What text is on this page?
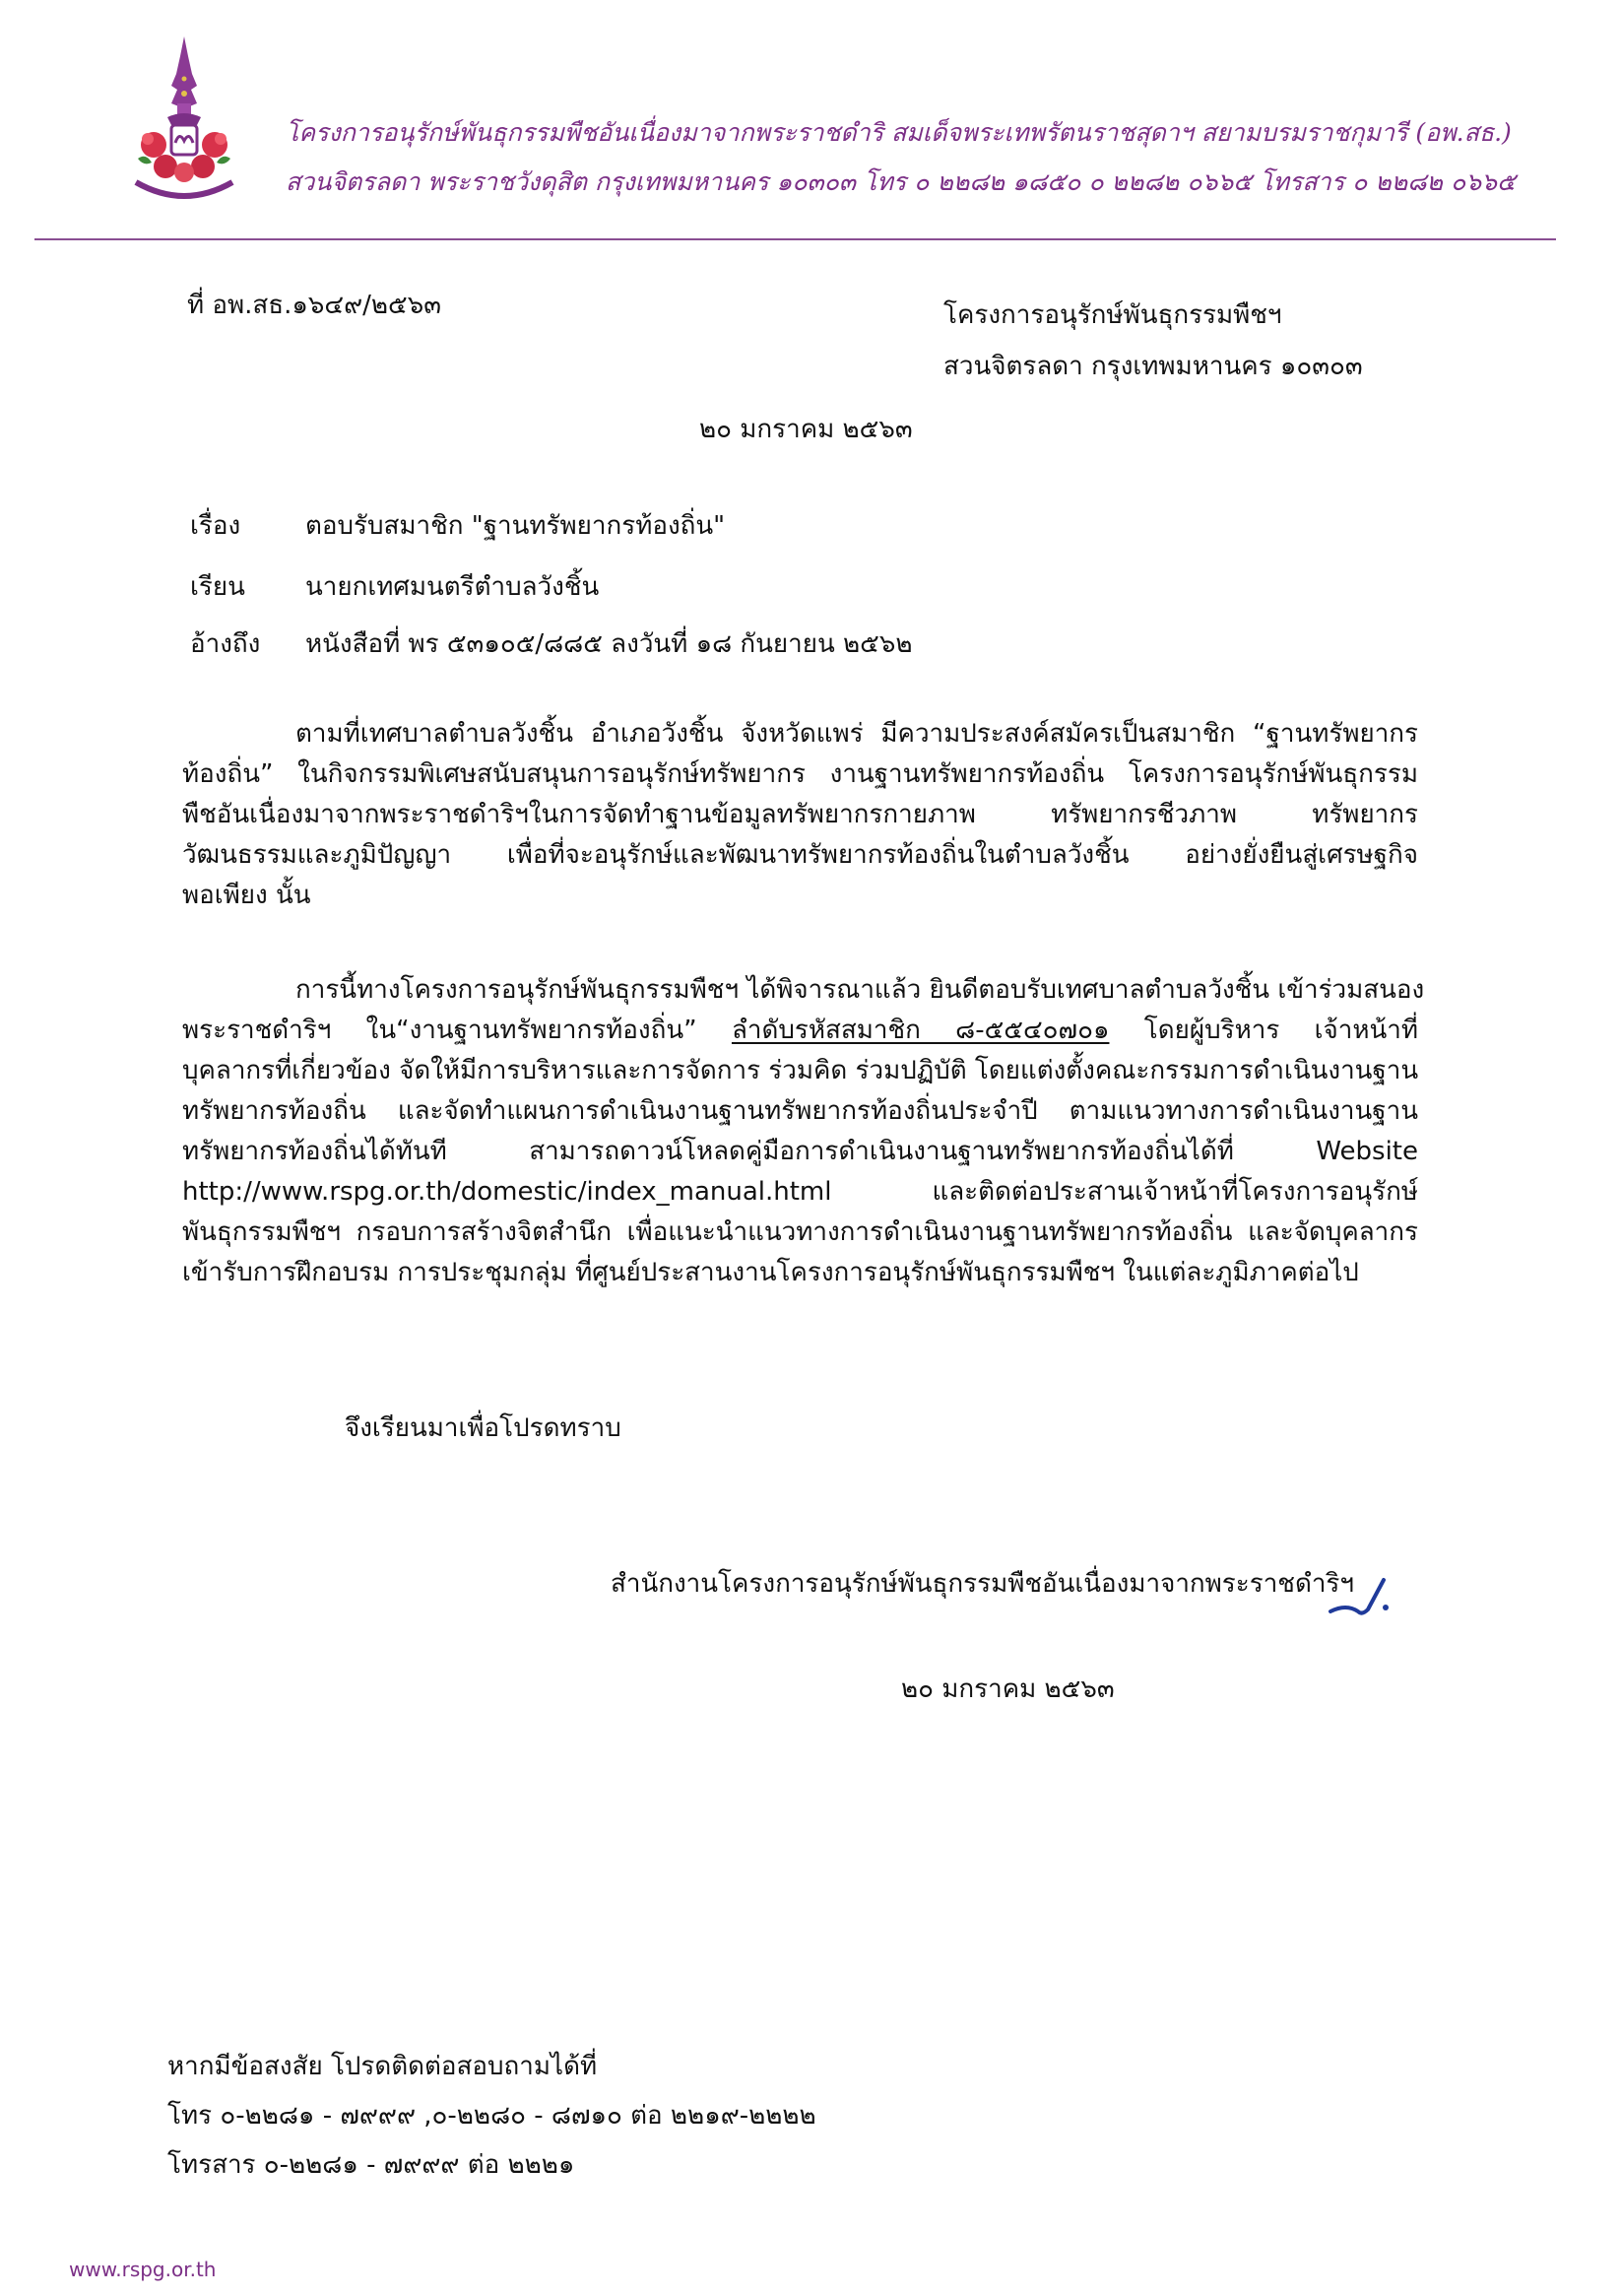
โครงการอนุรักษ์พันธุกรรมพืชอันเนื่องมาจากพระราชดำริ สมเด็จพระเทพรัตนราชสุดาฯ สยามบรมราชกุมารี (อพ.สธ.)
สวนจิตรลดา พระราชวังดุสิต กรุงเทพมหานคร ๑๐๓๐๓ โทร ๐ ๒๒๘๒ ๑๘๕๐ ๐ ๒๒๘๒ ๐๖๖๕ โทรสาร ๐ ๒๒๘๒ ๐๖๖๕
ที่ อพ.สธ.๑๖๔๙/๒๕๖๓	โครงการอนุรักษ์พันธุกรรมพืชฯ
สวนจิตรลดา กรุงเทพมหานคร ๑๐๓๐๓
๒๐ มกราคม ๒๕๖๓
เรื่อง	ตอบรับสมาชิก "ฐานทรัพยากรท้องถิ่น"
เรียน นายกเทศมนตรีตำบลวังชิ้น
อ้างถึง หนังสือที่ พร ๕๓๑๐๕/๘๘๕ ลงวันที่ ๑๘ กันยายน ๒๕๖๒
ตามที่เทศบาลตำบลวังชิ้น อำเภอวังชิ้น จังหวัดแพร่ มีความประสงค์สมัครเป็นสมาชิก “ฐานทรัพยากร
ท้องถิ่น” ในกิจกรรมพิเศษสนับสนุนการอนุรักษ์ทรัพยากร งานฐานทรัพยากรท้องถิ่น โครงการอนุรักษ์พันธุกรรม
พืชอันเนื่องมาจากพระราชดำริฯในการจัดทำฐานข้อมูลทรัพยากรกายภาพ ทรัพยากรชีวภาพ ทรัพยากร
วัฒนธรรมและภูมิปัญญา เพื่อที่จะอนุรักษ์และพัฒนาทรัพยากรท้องถิ่นในตำบลวังชิ้น อย่างยั่งยืนสู่เศรษฐกิจ
พอเพียง นั้น
การนี้ทางโครงการอนุรักษ์พันธุกรรมพืชฯ ได้พิจารณาแล้ว ยินดีตอบรับเทศบาลตำบลวังชิ้น เข้าร่วมสนอง
พระราชดำริฯ ใน“งานฐานทรัพยากรท้องถิ่น” ลำดับรหัสสมาชิก ๘-๕๕๔๐๗๐๑ โดยผู้บริหาร เจ้าหน้าที่
บุคลากรที่เกี่ยวข้อง จัดให้มีการบริหารและการจัดการ ร่วมคิด ร่วมปฏิบัติ โดยแต่งตั้งคณะกรรมการดำเนินงานฐาน
ทรัพยากรท้องถิ่น และจัดทำแผนการดำเนินงานฐานทรัพยากรท้องถิ่นประจำปี ตามแนวทางการดำเนินงานฐาน
ทรัพยากรท้องถิ่นได้ทันที สามารถดาวน์โหลดคู่มือการดำเนินงานฐานทรัพยากรท้องถิ่นได้ที่ Website
http://www.rspg.or.th/domestic/index_manual.html และติดต่อประสานเจ้าหน้าที่โครงการอนุรักษ์
พันธุกรรมพืชฯ กรอบการสร้างจิตสำนึก เพื่อแนะนำแนวทางการดำเนินงานฐานทรัพยากรท้องถิ่น และจัดบุคลากร
เข้ารับการฝึกอบรม การประชุมกลุ่ม ที่ศูนย์ประสานงานโครงการอนุรักษ์พันธุกรรมพืชฯ ในแต่ละภูมิภาคต่อไป
จึงเรียนมาเพื่อโปรดทราบ
สำนักงานโครงการอนุรักษ์พันธุกรรมพืชอันเนื่องมาจากพระราชดำริฯ
๒๐ มกราคม ๒๕๖๓
หากมีข้อสงสัย โปรดติดต่อสอบถามได้ที่
โทร ๐-๒๒๘๑ - ๗๙๙๙ ,๐-๒๒๘๐ - ๘๗๑๐ ต่อ ๒๒๑๙-๒๒๒๒
โทรสาร ๐-๒๒๘๑ - ๗๙๙๙ ต่อ ๒๒๒๑
www.rspg.or.th
